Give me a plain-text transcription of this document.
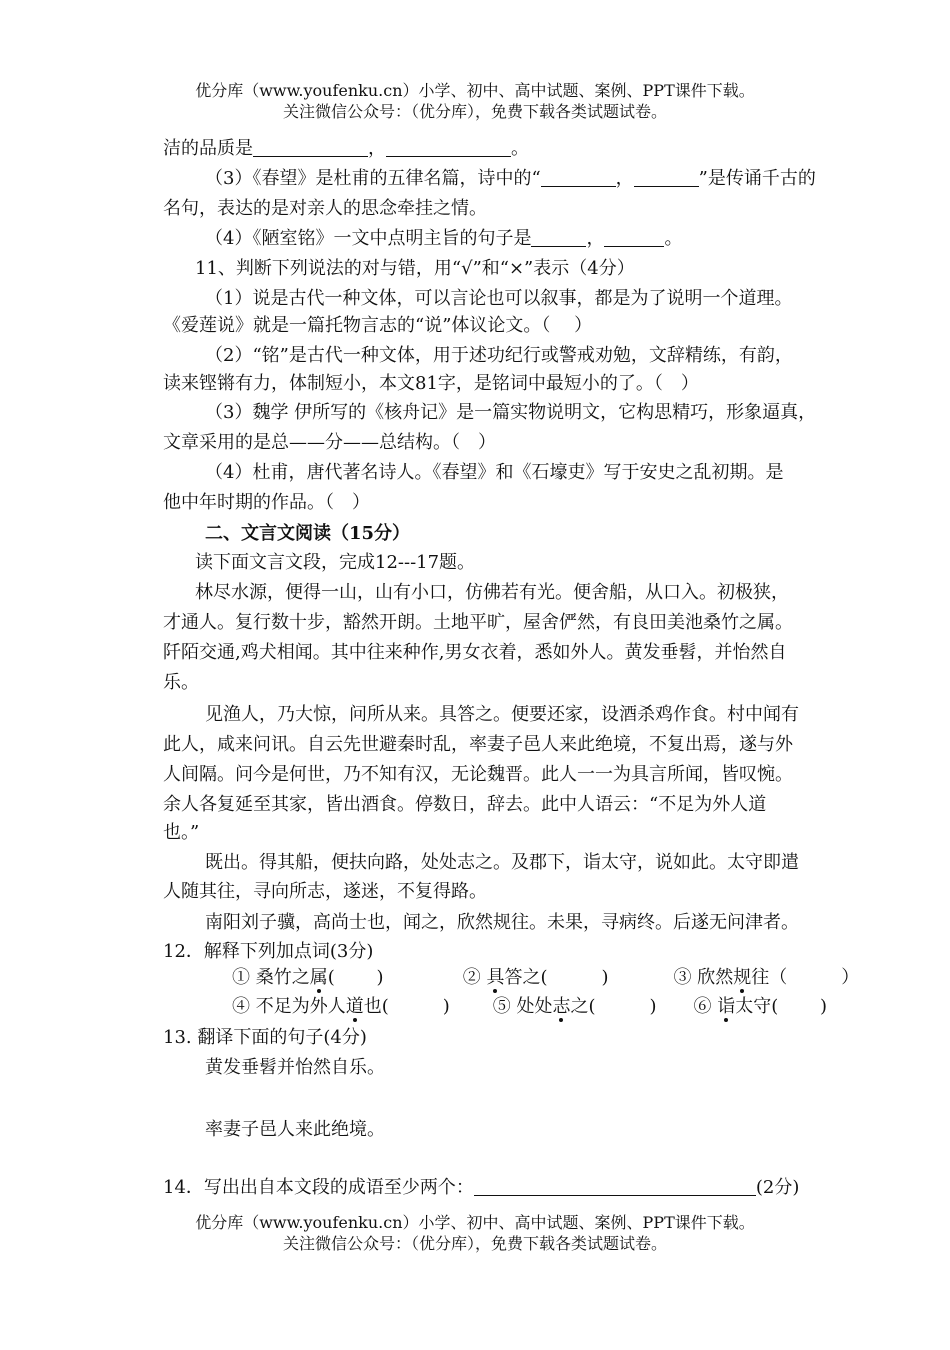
优分库（www.youfenku.cn）小学、初中、高中试题、案例、PPT课件下载。
关注微信公众号：（优分库），免费下载各类试题试卷。
洁的品质是	，	。
（3）《春望》是杜甫的五律名篇，诗中的“	，	”是传诵千古的
名句，表达的是对亲人的思念牵挂之情。
（4）《陋室铭》一文中点明主旨的句子是	，	。
11、判断下列说法的对与错，用“√”和“×”表示（4分）
（1）说是古代一种文体，可以言论也可以叙事，都是为了说明一个道理。
《爱莲说》就是一篇托物言志的“说”体议论文。（　 ）
（2）“铭”是古代一种文体，用于述功纪行或警戒劝勉，文辞精练，有韵，
读来铿锵有力，体制短小，本文81字，是铭词中最短小的了。（　）
（3）魏学 伊所写的《核舟记》是一篇实物说明文，它构思精巧，形象逼真，
文章采用的是总——分——总结构。（　）
（4）杜甫，唐代著名诗人。《春望》和《石壕吏》写于安史之乱初期。是
他中年时期的作品。（　）
二、文言文阅读（15分）
读下面文言文段，完成12---17题。
林尽水源，便得一山，山有小口，仿佛若有光。便舍船，从口入。初极狭，
才通人。复行数十步，豁然开朗。土地平旷，屋舍俨然，有良田美池桑竹之属。
阡陌交通,鸡犬相闻。其中往来种作,男女衣着，悉如外人。黄发垂髫，并怡然自
乐。
见渔人，乃大惊，问所从来。具答之。便要还家，设酒杀鸡作食。村中闻有
此人，咸来问讯。自云先世避秦时乱，率妻子邑人来此绝境，不复出焉，遂与外
人间隔。问今是何世，乃不知有汉，无论魏晋。此人一一为具言所闻，皆叹惋。
余人各复延至其家，皆出酒食。停数日，辞去。此中人语云：“不足为外人道
也。”
既出。得其船，便扶向路，处处志之。及郡下，诣太守，说如此。太守即遣
人随其往，寻向所志，遂迷，不复得路。
南阳刘子骥，高尚士也，闻之，欣然规往。未果，寻病终。后遂无问津者。
12．解释下列加点词(3分)
① 桑竹之属(　　 )	② 具答之(　　　)	③ 欣然规往（　　　）
④ 不足为外人道也(　　　) ⑤ 处处志之(　　　) ⑥ 诣太守(　　 )
13. 翻译下面的句子(4分)
黄发垂髫并怡然自乐。
率妻子邑人来此绝境。
14．写出出自本文段的成语至少两个：	(2分)
优分库（www.youfenku.cn）小学、初中、高中试题、案例、PPT课件下载。
关注微信公众号：（优分库），免费下载各类试题试卷。
